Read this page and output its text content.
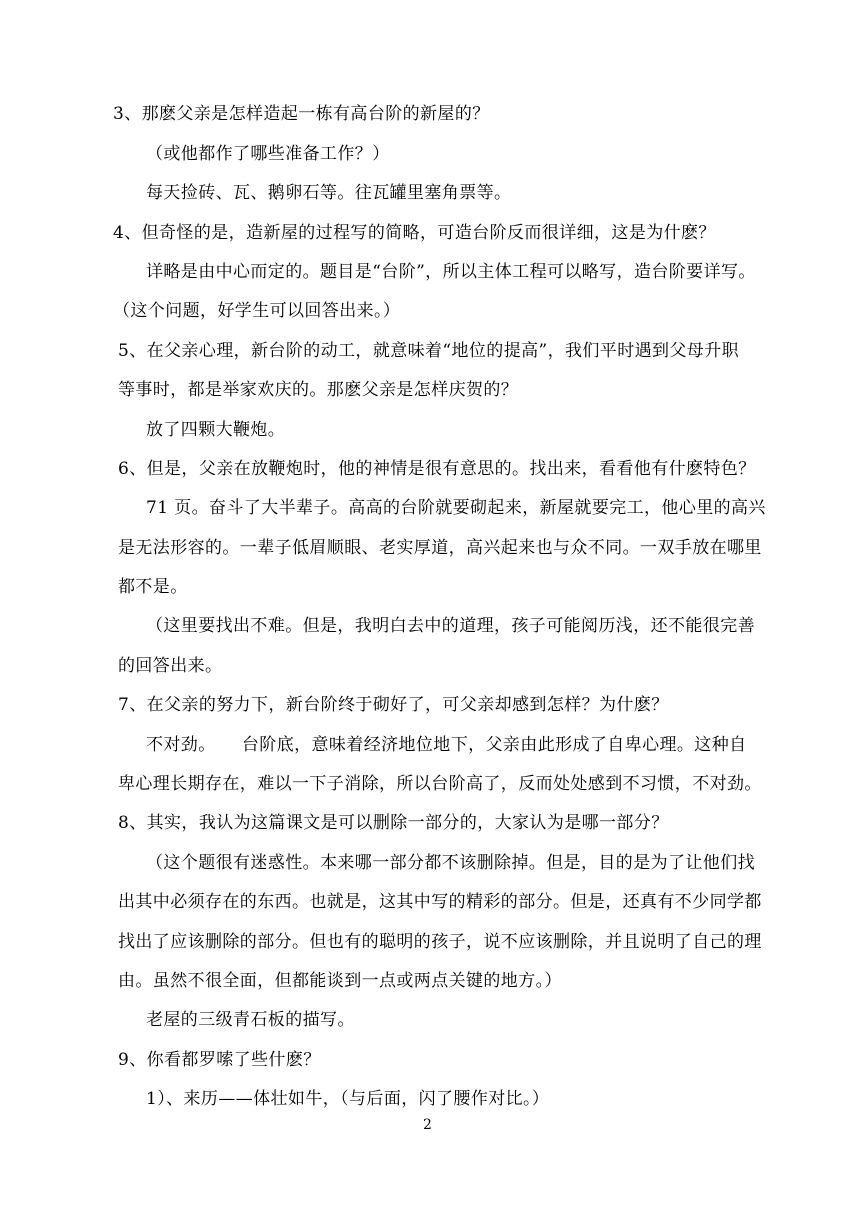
3、那麽父亲是怎样造起一栋有高台阶的新屋的？
（或他都作了哪些准备工作？）
每天捡砖、瓦、鹅卵石等。往瓦罐里塞角票等。
4、但奇怪的是，造新屋的过程写的简略，可造台阶反而很详细，这是为什麽？
详略是由中心而定的。题目是“台阶”，所以主体工程可以略写，造台阶要详写。
（这个问题，好学生可以回答出来。）
5、在父亲心理，新台阶的动工，就意味着“地位的提高”，我们平时遇到父母升职
等事时，都是举家欢庆的。那麽父亲是怎样庆贺的？
放了四颗大鞭炮。
6、但是，父亲在放鞭炮时，他的神情是很有意思的。找出来，看看他有什麽特色？
71 页。奋斗了大半辈子。高高的台阶就要砌起来，新屋就要完工，他心里的高兴
是无法形容的。一辈子低眉顺眼、老实厚道，高兴起来也与众不同。一双手放在哪里
都不是。
（这里要找出不难。但是，我明白去中的道理，孩子可能阅历浅，还不能很完善
的回答出来。
7、在父亲的努力下，新台阶终于砌好了，可父亲却感到怎样？为什麽？
不对劲。　　台阶底，意味着经济地位地下，父亲由此形成了自卑心理。这种自
卑心理长期存在，难以一下子消除，所以台阶高了，反而处处感到不习惯，不对劲。
8、其实，我认为这篇课文是可以删除一部分的，大家认为是哪一部分？
（这个题很有迷惑性。本来哪一部分都不该删除掉。但是，目的是为了让他们找
出其中必须存在的东西。也就是，这其中写的精彩的部分。但是，还真有不少同学都
找出了应该删除的部分。但也有的聪明的孩子，说不应该删除，并且说明了自己的理
由。虽然不很全面，但都能谈到一点或两点关键的地方。）
老屋的三级青石板的描写。
9、你看都罗嗦了些什麽？
1）、来历——体壮如牛，（与后面，闪了腰作对比。）
2
